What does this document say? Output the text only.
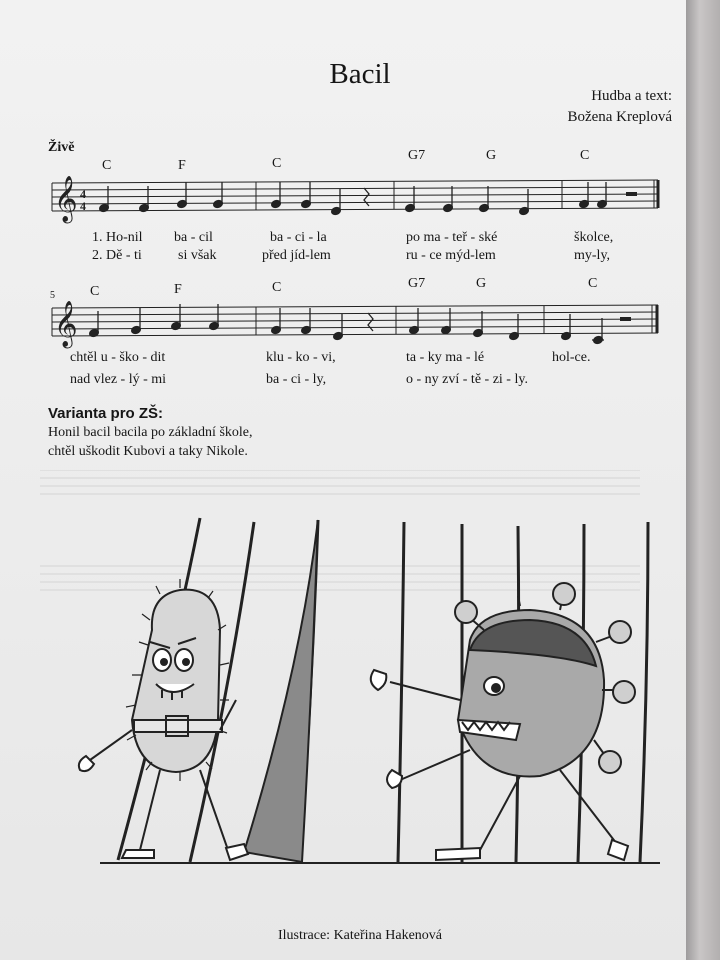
Bacil
Hudba a text:
Božena Kreplová
Živě
C	F	C
G7	G	C
5	C	F	C	G7	G	C
𝄞 4
4
𝄞
1. Ho-nil ba - cil	ba - ci - la	po ma - teř - ské	školce,
2. Dě - ti	si však	před jíd-lem	ru - ce mýd-lem	my-ly,
chtěl u - ško - dit	klu - ko - vi,	ta - ky ma - lé	hol-ce.
nad vlez - lý - mi	ba - ci - ly,	o - ny zví - tě - zi - ly.
Varianta pro ZŠ:
Honil bacil bacila po základní škole,
chtěl uškodit Kubovi a taky Nikole.
Ilustrace: Kateřina Hakenová
